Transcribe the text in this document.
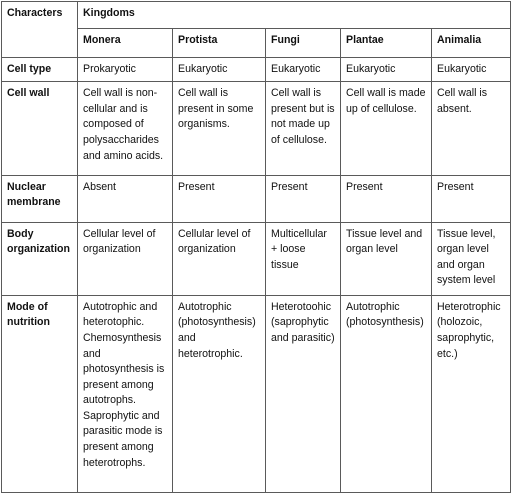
Characters	Kingdoms				
	Monera	Protista	Fungi	Plantae	Animalia
Cell type	Prokaryotic	Eukaryotic	Eukaryotic	Eukaryotic	Eukaryotic
Cell wall	Cell wall is non-cellular and is composed of polysaccharides and amino acids.	Cell wall is present in some organisms.	Cell wall is present but is not made up of cellulose.	Cell wall is made up of cellulose.	Cell wall is absent.
Nuclear membrane	Absent	Present	Present	Present	Present
Body organization	Cellular level of organization	Cellular level of organization	Multicellular + loose tissue	Tissue level and organ level	Tissue level, organ level and organ system level
Mode of nutrition	Autotrophic and heterotophic. Chemosynthesis and photosynthesis is present among autotrophs. Saprophytic and parasitic mode is present among heterotrophs.	Autotrophic (photosynthesis) and heterotrophic.	Heterotoohic (saprophytic and parasitic)	Autotrophic (photosynthesis)	Heterotrophic (holozoic, saprophytic, etc.)
